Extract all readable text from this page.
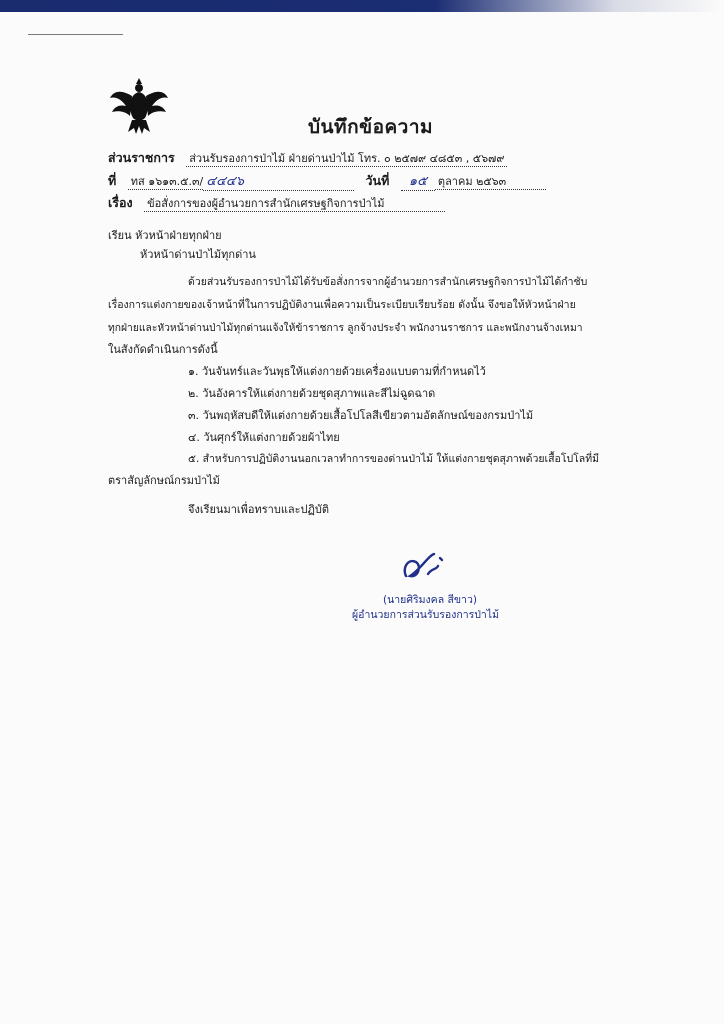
บันทึกข้อความ
ส่วนราชการ ส่วนรับรองการป่าไม้ ฝ่ายด่านป่าไม้ โทร. ๐ ๒๕๗๙ ๔๘๕๓ , ๕๖๗๙
ที่ ทส ๑๖๑๓.๕.๓/ ๔๔๔๖	วันที่ ๑๕ ตุลาคม ๒๕๖๓
เรื่อง ข้อสั่งการของผู้อำนวยการสำนักเศรษฐกิจการป่าไม้
เรียน หัวหน้าฝ่ายทุกฝ่าย
หัวหน้าด่านป่าไม้ทุกด่าน
ด้วยส่วนรับรองการป่าไม้ได้รับข้อสั่งการจากผู้อำนวยการสำนักเศรษฐกิจการป่าไม้ได้กำชับ
เรื่องการแต่งกายของเจ้าหน้าที่ในการปฏิบัติงานเพื่อความเป็นระเบียบเรียบร้อย ดังนั้น จึงขอให้หัวหน้าฝ่าย
ทุกฝ่ายและหัวหน้าด่านป่าไม้ทุกด่านแจ้งให้ข้าราชการ ลูกจ้างประจำ พนักงานราชการ และพนักงานจ้างเหมา
ในสังกัดดำเนินการดังนี้
๑. วันจันทร์และวันพุธให้แต่งกายด้วยเครื่องแบบตามที่กำหนดไว้
๒. วันอังคารให้แต่งกายด้วยชุดสุภาพและสีไม่ฉูดฉาด
๓. วันพฤหัสบดีให้แต่งกายด้วยเสื้อโปโลสีเขียวตามอัตลักษณ์ของกรมป่าไม้
๔. วันศุกร์ให้แต่งกายด้วยผ้าไทย
๕. สำหรับการปฏิบัติงานนอกเวลาทำการของด่านป่าไม้ ให้แต่งกายชุดสุภาพด้วยเสื้อโปโลที่มี
ตราสัญลักษณ์กรมป่าไม้
จึงเรียนมาเพื่อทราบและปฏิบัติ
(นายศิริมงคล สีขาว)
ผู้อำนวยการส่วนรับรองการป่าไม้
